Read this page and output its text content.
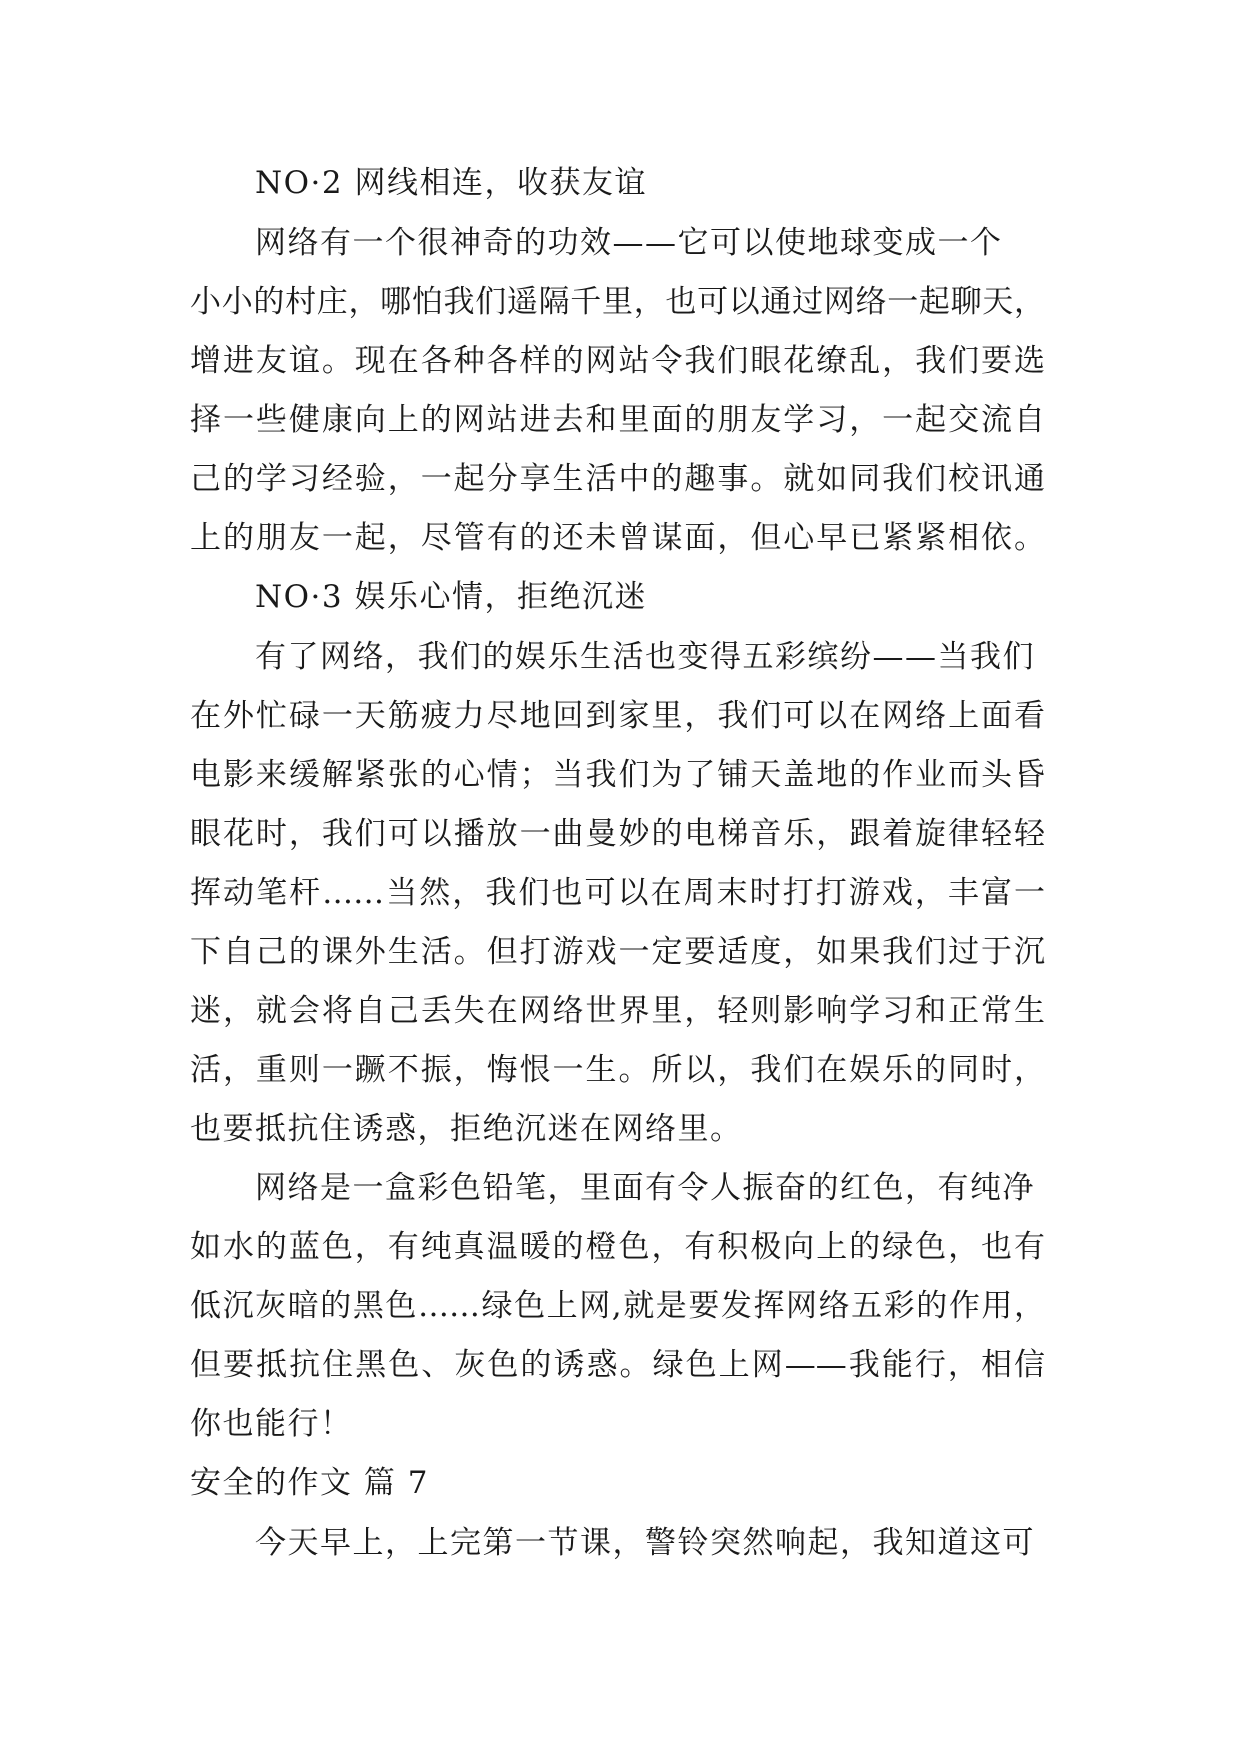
NO·2 网线相连，收获友谊
网络有一个很神奇的功效——它可以使地球变成一个
小小的村庄，哪怕我们遥隔千里，也可以通过网络一起聊天，
增进友谊。现在各种各样的网站令我们眼花缭乱，我们要选
择一些健康向上的网站进去和里面的朋友学习，一起交流自
己的学习经验，一起分享生活中的趣事。就如同我们校讯通
上的朋友一起，尽管有的还未曾谋面，但心早已紧紧相依。
NO·3 娱乐心情，拒绝沉迷
有了网络，我们的娱乐生活也变得五彩缤纷——当我们
在外忙碌一天筋疲力尽地回到家里，我们可以在网络上面看
电影来缓解紧张的心情；当我们为了铺天盖地的作业而头昏
眼花时，我们可以播放一曲曼妙的电梯音乐，跟着旋律轻轻
挥动笔杆……当然，我们也可以在周末时打打游戏，丰富一
下自己的课外生活。但打游戏一定要适度，如果我们过于沉
迷，就会将自己丢失在网络世界里，轻则影响学习和正常生
活，重则一蹶不振，悔恨一生。所以，我们在娱乐的同时，
也要抵抗住诱惑，拒绝沉迷在网络里。
网络是一盒彩色铅笔，里面有令人振奋的红色，有纯净
如水的蓝色，有纯真温暖的橙色，有积极向上的绿色，也有
低沉灰暗的黑色……绿色上网,就是要发挥网络五彩的作用，
但要抵抗住黑色、灰色的诱惑。绿色上网——我能行，相信
你也能行！
安全的作文 篇 7
今天早上，上完第一节课，警铃突然响起，我知道这可
